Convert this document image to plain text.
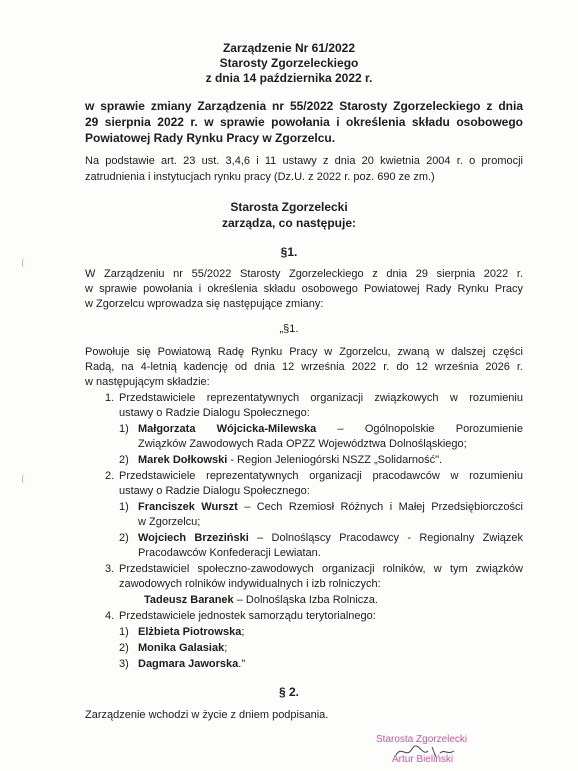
Zarządzenie Nr 61/2022
Starosty Zgorzeleckiego
z dnia 14 października 2022 r.
w sprawie zmiany Zarządzenia nr 55/2022 Starosty Zgorzeleckiego z dnia
29 sierpnia 2022 r. w sprawie powołania i określenia składu osobowego
Powiatowej Rady Rynku Pracy w Zgorzelcu.
Na podstawie art. 23 ust. 3,4,6 i 11 ustawy z dnia 20 kwietnia 2004 r. o promocji
zatrudnienia i instytucjach rynku pracy (Dz.U. z 2022 r. poz. 690 ze zm.)
Starosta Zgorzelecki
zarządza, co następuje:
§1.
W Zarządzeniu nr 55/2022 Starosty Zgorzeleckiego z dnia 29 sierpnia 2022 r.
w sprawie powołania i określenia składu osobowego Powiatowej Rady Rynku Pracy
w Zgorzelcu wprowadza się następujące zmiany:
„§1.
Powołuje się Powiatową Radę Rynku Pracy w Zgorzelcu, zwaną w dalszej części
Radą, na 4-letnią kadencję od dnia 12 września 2022 r. do 12 września 2026 r.
w następującym składzie:
1. Przedstawiciele reprezentatywnych organizacji związkowych w rozumieniu
ustawy o Radzie Dialogu Społecznego:
1) Małgorzata Wójcicka-Milewska – Ogólnopolskie Porozumienie
Związków Zawodowych Rada OPZZ Województwa Dolnośląskiego;
2) Marek Dołkowski - Region Jeleniogórski NSZZ „Solidarność".
2. Przedstawiciele reprezentatywnych organizacji pracodawców w rozumieniu
ustawy o Radzie Dialogu Społecznego:
1) Franciszek Wurszt – Cech Rzemiosł Różnych i Małej Przedsiębiorczości
w Zgorzelcu;
2) Wojciech Brzeziński – Dolnośląscy Pracodawcy - Regionalny Związek
Pracodawców Konfederacji Lewiatan.
3. Przedstawiciel społeczno-zawodowych organizacji rolników, w tym związków
zawodowych rolników indywidualnych i izb rolniczych:
Tadeusz Baranek – Dolnośląska Izba Rolnicza.
4. Przedstawiciele jednostek samorządu terytorialnego:
1) Elżbieta Piotrowska;
2) Monika Galasiak;
3) Dagmara Jaworska."
§ 2.
Zarządzenie wchodzi w życie z dniem podpisania.
Starosta Zgorzelecki
Artur Bieliński
